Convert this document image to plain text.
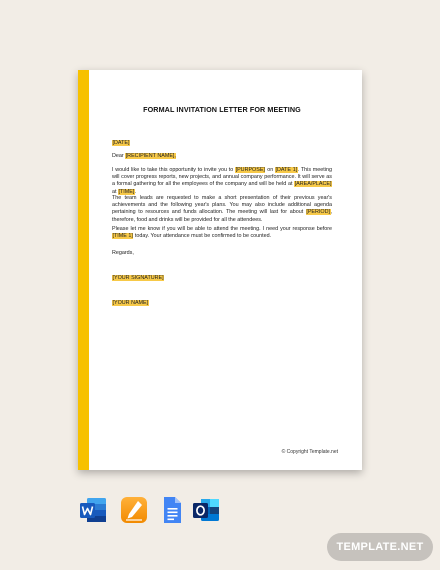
FORMAL INVITATION LETTER FOR MEETING
[DATE]
Dear [RECIPIENT NAME],

I would like to take this opportunity to invite you to [PURPOSE] on [DATE 1]. This meeting will cover progress reports, new projects, and annual company performance. It will serve as a formal gathering for all the employees of the company and will be held at [AREA/PLACE] at [TIME].

The team leads are requested to make a short presentation of their previous year's achievements and the following year's plans. You may also include additional agenda pertaining to resources and funds allocation. The meeting will last for about [PERIOD], therefore, food and drinks will be provided for all the attendees.

Please let me know if you will be able to attend the meeting. I need your response before [TIME 1] today. Your attendance must be confirmed to be counted.

Regards,
[YOUR SIGNATURE]
[YOUR NAME]
© Copyright Template.net
TEMPLATE.NET
